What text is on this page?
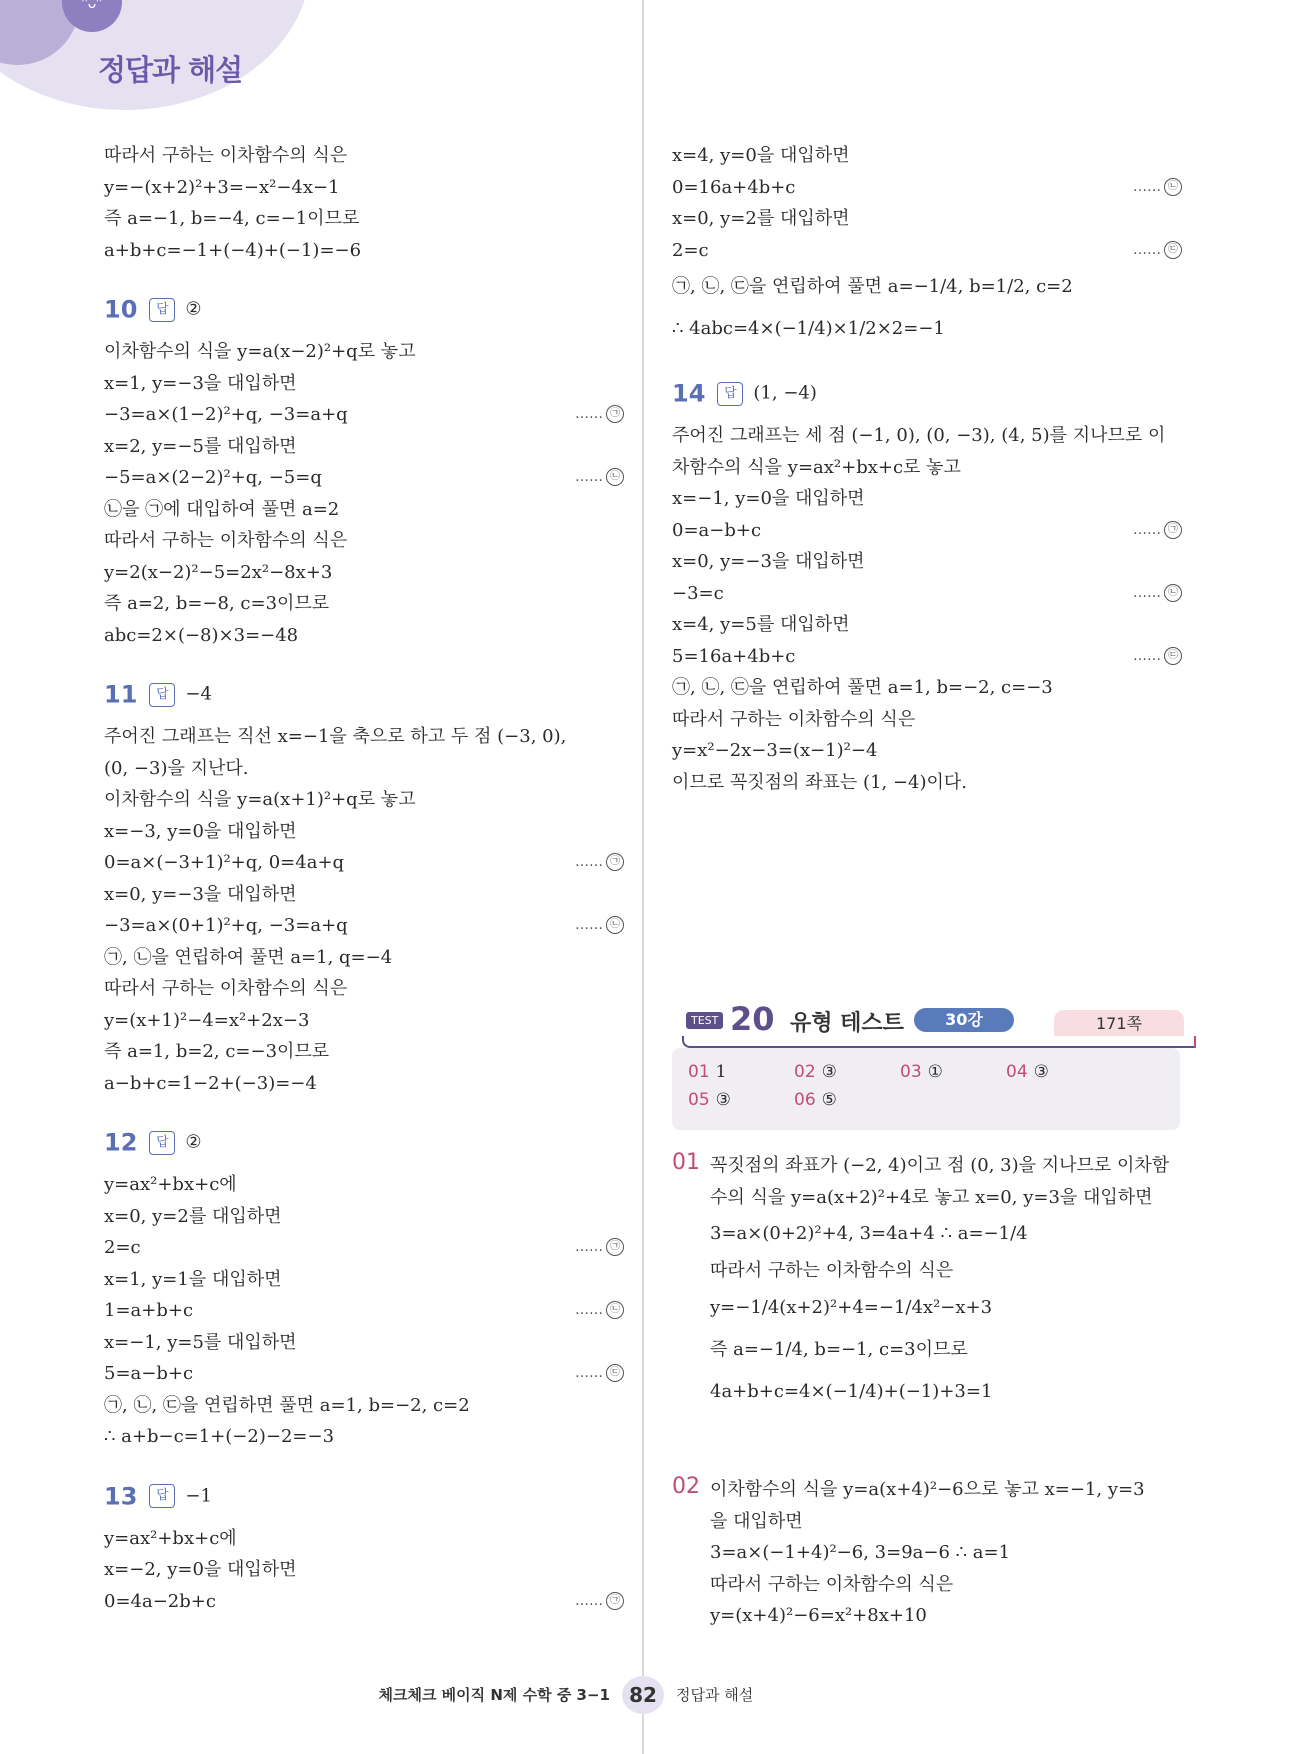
ᵔᴗᵔ
정답과 해설
따라서 구하는 이차함수의 식은
y=−(x+2)²+3=−x²−4x−1
즉 a=−1, b=−4, c=−1이므로
a+b+c=−1+(−4)+(−1)=−6
10 답 ②
이차함수의 식을 y=a(x−2)²+q로 놓고
x=1, y=−3을 대입하면
−3=a×(1−2)²+q, −3=a+q	…… ㉠
x=2, y=−5를 대입하면
−5=a×(2−2)²+q, −5=q	…… ㉡
㉡을 ㉠에 대입하여 풀면 a=2
따라서 구하는 이차함수의 식은
y=2(x−2)²−5=2x²−8x+3
즉 a=2, b=−8, c=3이므로
abc=2×(−8)×3=−48
11 답 −4
주어진 그래프는 직선 x=−1을 축으로 하고 두 점 (−3, 0),
(0, −3)을 지난다.
이차함수의 식을 y=a(x+1)²+q로 놓고
x=−3, y=0을 대입하면
0=a×(−3+1)²+q, 0=4a+q	…… ㉠
x=0, y=−3을 대입하면
−3=a×(0+1)²+q, −3=a+q	…… ㉡
㉠, ㉡을 연립하여 풀면 a=1, q=−4
따라서 구하는 이차함수의 식은
y=(x+1)²−4=x²+2x−3
즉 a=1, b=2, c=−3이므로
a−b+c=1−2+(−3)=−4
12 답 ②
y=ax²+bx+c에
x=0, y=2를 대입하면
2=c	…… ㉠
x=1, y=1을 대입하면
1=a+b+c	…… ㉡
x=−1, y=5를 대입하면
5=a−b+c	…… ㉢
㉠, ㉡, ㉢을 연립하면 풀면 a=1, b=−2, c=2
∴ a+b−c=1+(−2)−2=−3
13 답 −1
y=ax²+bx+c에
x=−2, y=0을 대입하면
0=4a−2b+c	…… ㉠
x=4, y=0을 대입하면
0=16a+4b+c	…… ㉡
x=0, y=2를 대입하면
2=c	…… ㉢
㉠, ㉡, ㉢을 연립하여 풀면 a=−1/4, b=1/2, c=2
∴ 4abc=4×(−1/4)×1/2×2=−1
14 답 (1, −4)
주어진 그래프는 세 점 (−1, 0), (0, −3), (4, 5)를 지나므로 이
차함수의 식을 y=ax²+bx+c로 놓고
x=−1, y=0을 대입하면
0=a−b+c	…… ㉠
x=0, y=−3을 대입하면
−3=c	…… ㉡
x=4, y=5를 대입하면
5=16a+4b+c	…… ㉢
㉠, ㉡, ㉢을 연립하여 풀면 a=1, b=−2, c=−3
따라서 구하는 이차함수의 식은
y=x²−2x−3=(x−1)²−4
이므로 꼭짓점의 좌표는 (1, −4)이다.
TEST 20 유형 테스트	30강	171쪽
01 1	02 ③	03 ①	04 ③
05 ③	06 ⑤
01 꼭짓점의 좌표가 (−2, 4)이고 점 (0, 3)을 지나므로 이차함
수의 식을 y=a(x+2)²+4로 놓고 x=0, y=3을 대입하면
3=a×(0+2)²+4, 3=4a+4 ∴ a=−1/4
따라서 구하는 이차함수의 식은
y=−1/4(x+2)²+4=−1/4x²−x+3
즉 a=−1/4, b=−1, c=3이므로
4a+b+c=4×(−1/4)+(−1)+3=1
02 이차함수의 식을 y=a(x+4)²−6으로 놓고 x=−1, y=3
을 대입하면
3=a×(−1+4)²−6, 3=9a−6 ∴ a=1
따라서 구하는 이차함수의 식은
y=(x+4)²−6=x²+8x+10
체크체크 베이직 N제 수학 중 3−1 82	정답과 해설
